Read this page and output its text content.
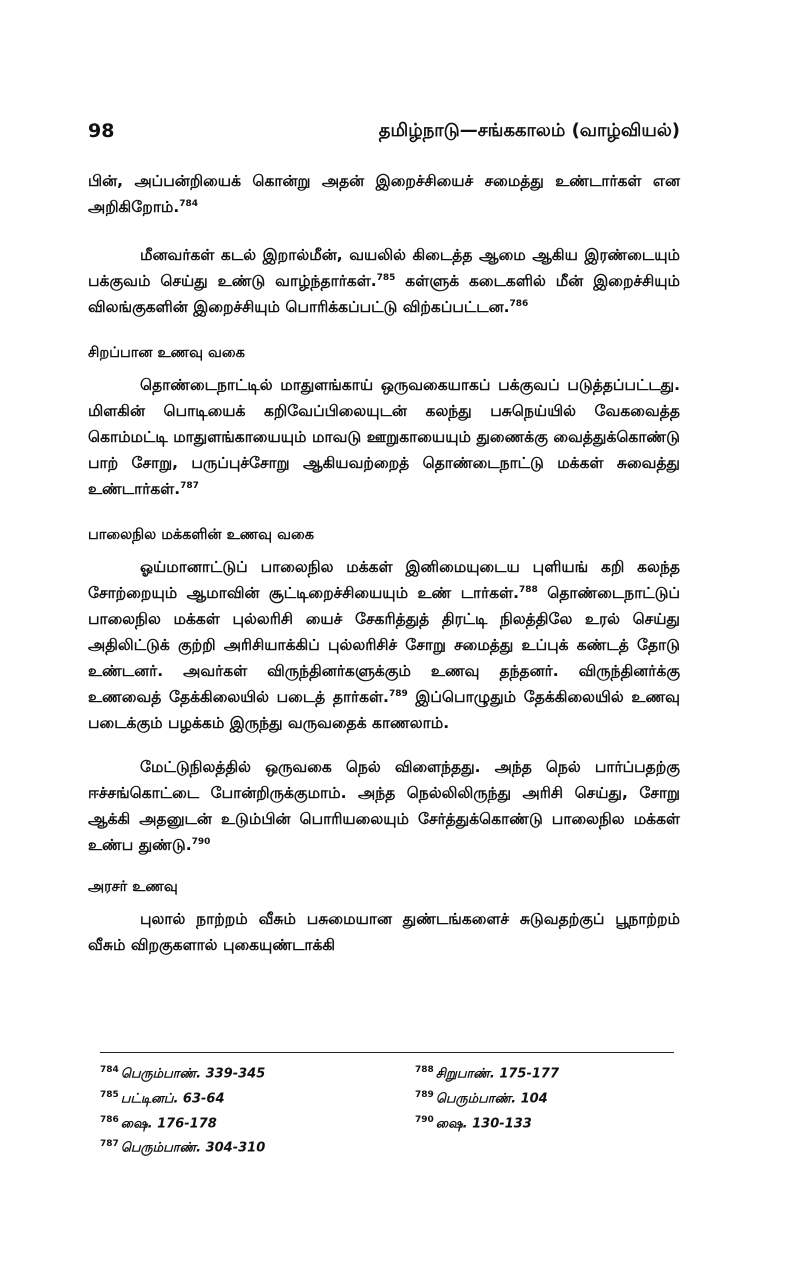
98	தமிழ்நாடு—சங்ககாலம் (வாழ்வியல்)

பின், அப்பன்றியைக் கொன்று அதன் இறைச்சியைச் சமைத்து உண்டார்கள் என அறிகிறோம்.$^{784}$

மீனவர்கள் கடல் இறால்மீன், வயலில் கிடைத்த ஆமை ஆகிய இரண்டையும் பக்குவம் செய்து உண்டு வாழ்ந்தார்கள்.$^{785}$ கள்ளுக் கடைகளில் மீன் இறைச்சியும் விலங்குகளின் இறைச்சியும் பொரிக்கப்பட்டு விற்கப்பட்டன.$^{786}$

சிறப்பான உணவு வகை

தொண்டைநாட்டில் மாதுளங்காய் ஒருவகையாகப் பக்குவப் படுத்தப்பட்டது. மிளகின் பொடியைக் கறிவேப்பிலையுடன் கலந்து பசுநெய்யில் வேகவைத்த கொம்மட்டி மாதுளங்காயையும் மாவடு ஊறுகாயையும் துணைக்கு வைத்துக்கொண்டு பாற் சோறு, பருப்புச்சோறு ஆகியவற்றைத் தொண்டைநாட்டு மக்கள் சுவைத்து உண்டார்கள்.$^{787}$

பாலைநில மக்களின் உணவு வகை

ஓய்மானாட்டுப் பாலைநில மக்கள் இனிமையுடைய புளியங் கறி கலந்த சோற்றையும் ஆமாவின் சூட்டிறைச்சியையும் உண் டார்கள்.$^{788}$ தொண்டைநாட்டுப் பாலைநில மக்கள் புல்லரிசி யைச் சேகரித்துத் திரட்டி நிலத்திலே உரல் செய்து அதிலிட்டுக் குற்றி அரிசியாக்கிப் புல்லரிசிச் சோறு சமைத்து உப்புக் கண்டத் தோடு உண்டனர். அவர்கள் விருந்தினர்களுக்கும் உணவு தந்தனர். விருந்தினர்க்கு உணவைத் தேக்கிலையில் படைத் தார்கள்.$^{789}$ இப்பொழுதும் தேக்கிலையில் உணவு படைக்கும் பழக்கம் இருந்து வருவதைக் காணலாம்.

மேட்டுநிலத்தில் ஒருவகை நெல் விளைந்தது. அந்த நெல் பார்ப்பதற்கு ஈச்சங்கொட்டை போன்றிருக்குமாம். அந்த நெல்லிலிருந்து அரிசி செய்து, சோறு ஆக்கி அதனுடன் உடும்பின் பொரியலையும் சேர்த்துக்கொண்டு பாலைநில மக்கள் உண்ப துண்டு.$^{790}$

அரசர் உணவு

புலால் நாற்றம் வீசும் பசுமையான துண்டங்களைச் சுடுவதற்குப் பூநாற்றம் வீசும் விறகுகளால் புகையுண்டாக்கி

$^{784}$ பெரும்பாண். 339-345
$^{785}$ பட்டினப். 63-64
$^{786}$ ஷை. 176-178
$^{787}$ பெரும்பாண். 304-310
$^{788}$ சிறுபாண். 175-177
$^{789}$ பெரும்பாண். 104
$^{790}$ ஷை. 130-133
